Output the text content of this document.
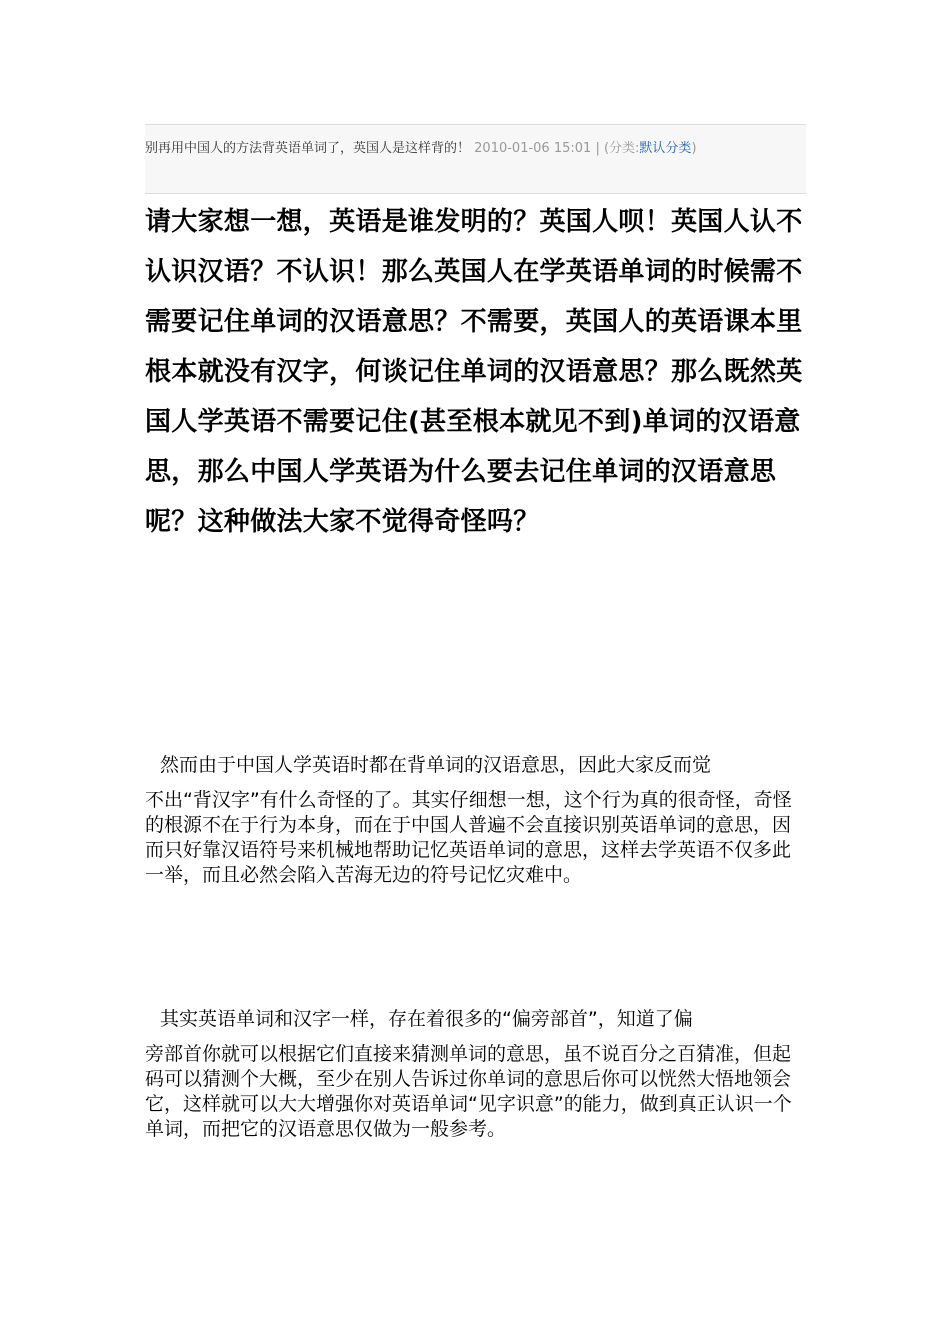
别再用中国人的方法背英语单词了，英国人是这样背的！ 2010-01-06 15:01 | (分类:默认分类)

请大家想一想，英语是谁发明的？英国人呗！英国人认不认识汉语？不认识！那么英国人在学英语单词的时候需不需要记住单词的汉语意思？不需要，英国人的英语课本里根本就没有汉字，何谈记住单词的汉语意思？那么既然英国人学英语不需要记住(甚至根本就见不到)单词的汉语意思，那么中国人学英语为什么要去记住单词的汉语意思呢？这种做法大家不觉得奇怪吗？

然而由于中国人学英语时都在背单词的汉语意思，因此大家反而觉
不出“背汉字”有什么奇怪的了。其实仔细想一想，这个行为真的很奇怪，奇怪的根源不在于行为本身，而在于中国人普遍不会直接识别英语单词的意思，因而只好靠汉语符号来机械地帮助记忆英语单词的意思，这样去学英语不仅多此一举，而且必然会陷入苦海无边的符号记忆灾难中。
其实英语单词和汉字一样，存在着很多的“偏旁部首”，知道了偏
旁部首你就可以根据它们直接来猜测单词的意思，虽不说百分之百猜准，但起码可以猜测个大概，至少在别人告诉过你单词的意思后你可以恍然大悟地领会它，这样就可以大大增强你对英语单词“见字识意”的能力，做到真正认识一个单词，而把它的汉语意思仅做为一般参考。
